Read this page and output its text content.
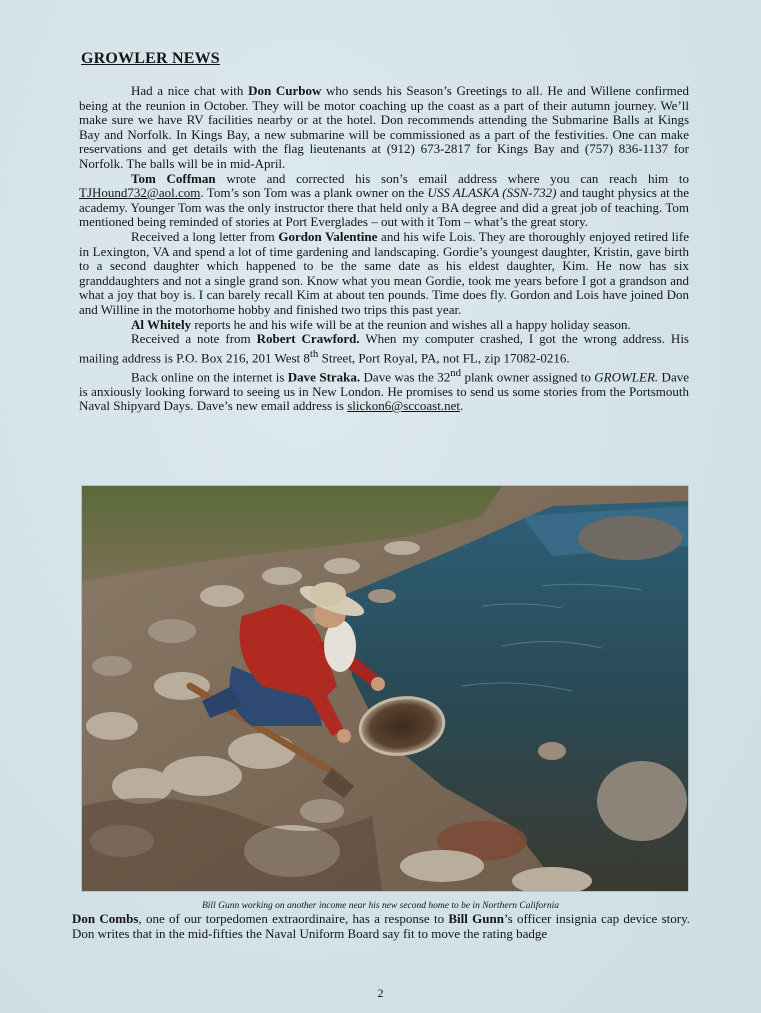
GROWLER NEWS

Had a nice chat with Don Curbow who sends his Season’s Greetings to all. He and Willene confirmed being at the reunion in October. They will be motor coaching up the coast as a part of their autumn journey. We’ll make sure we have RV facilities nearby or at the hotel. Don recommends attending the Submarine Balls at Kings Bay and Norfolk. In Kings Bay, a new submarine will be commissioned as a part of the festivities. One can make reservations and get details with the flag lieutenants at (912) 673-2817 for Kings Bay and (757) 836-1137 for Norfolk. The balls will be in mid-April.

Tom Coffman wrote and corrected his son’s email address where you can reach him to TJHound732@aol.com. Tom’s son Tom was a plank owner on the USS ALASKA (SSN-732) and taught physics at the academy. Younger Tom was the only instructor there that held only a BA degree and did a great job of teaching. Tom mentioned being reminded of stories at Port Everglades – out with it Tom – what’s the great story.

Received a long letter from Gordon Valentine and his wife Lois. They are thoroughly enjoyed retired life in Lexington, VA and spend a lot of time gardening and landscaping. Gordie’s youngest daughter, Kristin, gave birth to a second daughter which happened to be the same date as his eldest daughter, Kim. He now has six granddaughters and not a single grand son. Know what you mean Gordie, took me years before I got a grandson and what a joy that boy is. I can barely recall Kim at about ten pounds. Time does fly. Gordon and Lois have joined Don and Willine in the motorhome hobby and finished two trips this past year.

Al Whitely reports he and his wife will be at the reunion and wishes all a happy holiday season.

Received a note from Robert Crawford. When my computer crashed, I got the wrong address. His mailing address is P.O. Box 216, 201 West 8th Street, Port Royal, PA, not FL, zip 17082-0216.

Back online on the internet is Dave Straka. Dave was the 32nd plank owner assigned to GROWLER. Dave is anxiously looking forward to seeing us in New London. He promises to send us some stories from the Portsmouth Naval Shipyard Days. Dave’s new email address is slickon6@sccoast.net.

Bill Gunn working on another income near his new second home to be in Northern California
Don Combs, one of our torpedomen extraordinaire, has a response to Bill Gunn’s officer insignia cap device story. Don writes that in the mid-fifties the Naval Uniform Board say fit to move the rating badge
2
